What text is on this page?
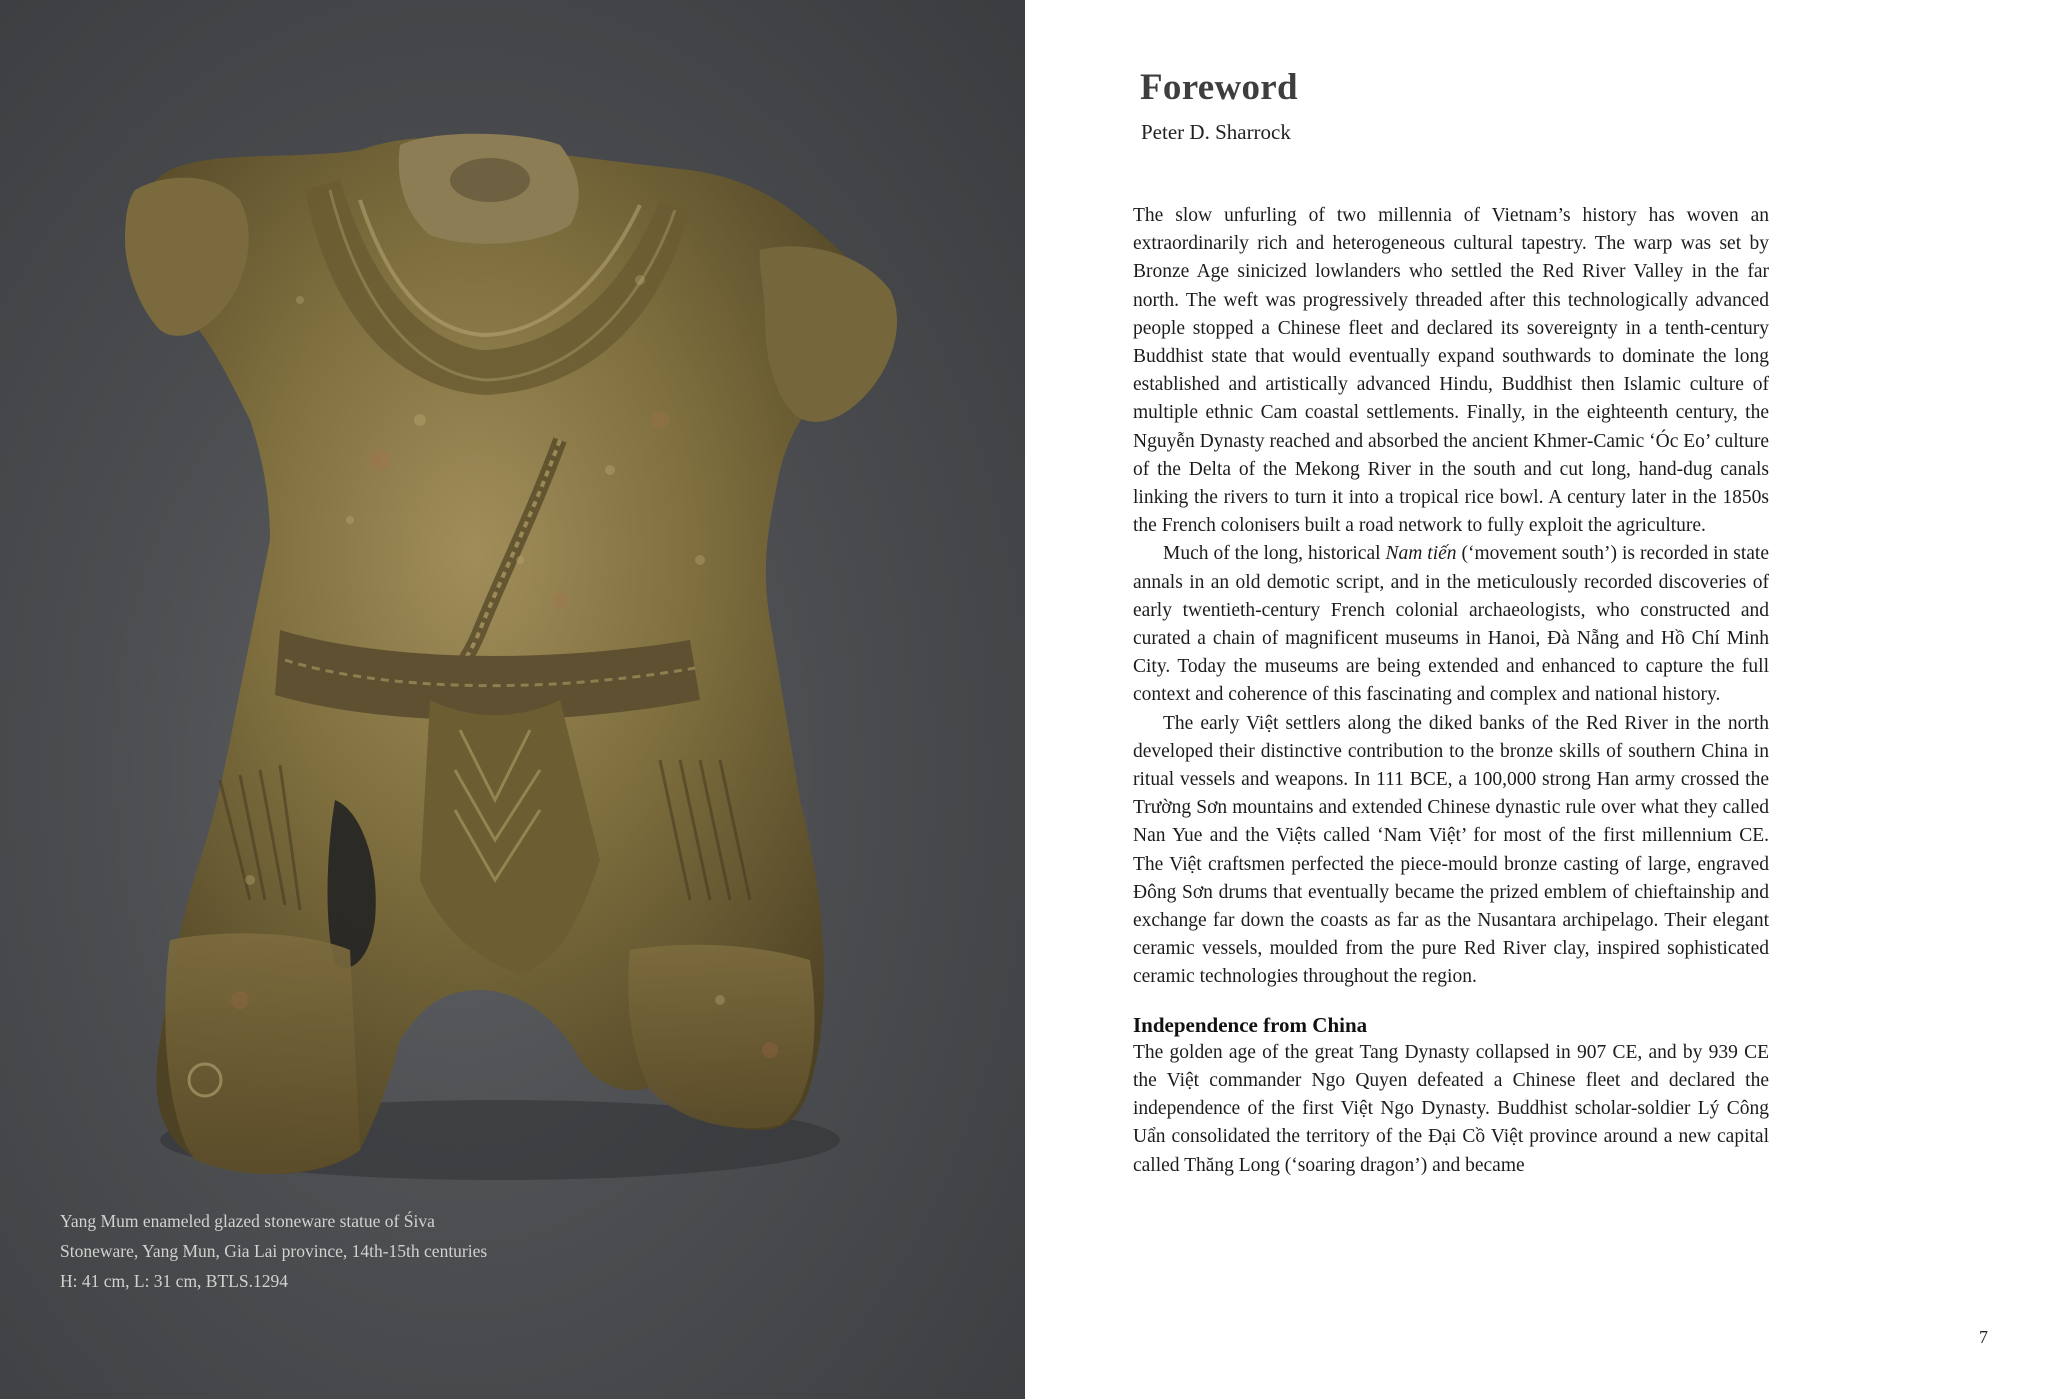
Yang Mum enameled glazed stoneware statue of Śiva
Stoneware, Yang Mun, Gia Lai province, 14th-15th centuries
H: 41 cm, L: 31 cm, BTLS.1294
Foreword
Peter D. Sharrock

The slow unfurling of two millennia of Vietnam’s history has woven an extraordinarily rich and heterogeneous cultural tapestry. The warp was set by Bronze Age sinicized lowlanders who settled the Red River Valley in the far north. The weft was progressively threaded after this technologically advanced people stopped a Chinese fleet and declared its sovereignty in a tenth-century Buddhist state that would eventually expand southwards to dominate the long established and artistically advanced Hindu, Buddhist then Islamic culture of multiple ethnic Cam coastal settlements. Finally, in the eighteenth century, the Nguyễn Dynasty reached and absorbed the ancient Khmer-Camic ‘Óc Eo’ culture of the Delta of the Mekong River in the south and cut long, hand-dug canals linking the rivers to turn it into a tropical rice bowl. A century later in the 1850s the French colonisers built a road network to fully exploit the agriculture.

Much of the long, historical Nam tiến (‘movement south’) is recorded in state annals in an old demotic script, and in the meticulously recorded discoveries of early twentieth-century French colonial archaeologists, who constructed and curated a chain of magnificent museums in Hanoi, Đà Nẵng and Hồ Chí Minh City. Today the museums are being extended and enhanced to capture the full context and coherence of this fascinating and complex and national history.

The early Việt settlers along the diked banks of the Red River in the north developed their distinctive contribution to the bronze skills of southern China in ritual vessels and weapons. In 111 BCE, a 100,000 strong Han army crossed the Trường Sơn mountains and extended Chinese dynastic rule over what they called Nan Yue and the Việts called ‘Nam Việt’ for most of the first millennium CE. The Việt craftsmen perfected the piece-mould bronze casting of large, engraved Đông Sơn drums that eventually became the prized emblem of chieftainship and exchange far down the coasts as far as the Nusantara archipelago. Their elegant ceramic vessels, moulded from the pure Red River clay, inspired sophisticated ceramic technologies throughout the region.

Independence from China

The golden age of the great Tang Dynasty collapsed in 907 CE, and by 939 CE the Việt commander Ngo Quyen defeated a Chinese fleet and declared the independence of the first Việt Ngo Dynasty. Buddhist scholar-soldier Lý Công Uẩn consolidated the territory of the Đại Cồ Việt province around a new capital called Thăng Long (‘soaring dragon’) and became

7
